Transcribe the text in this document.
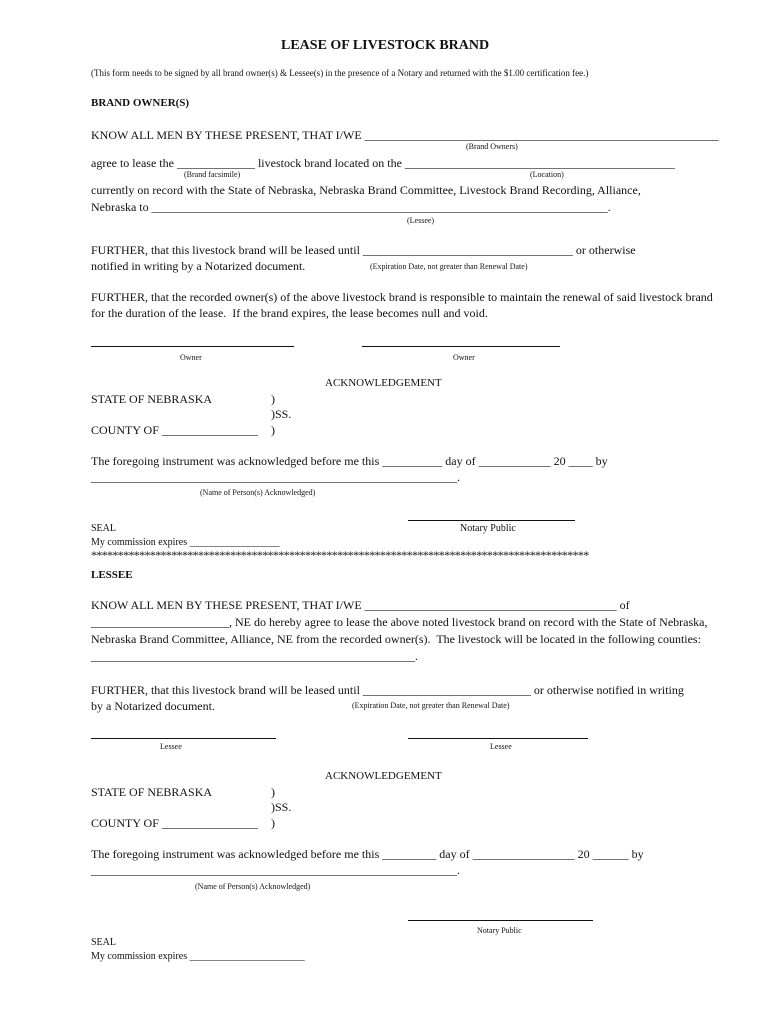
LEASE OF LIVESTOCK BRAND
(This form needs to be signed by all brand owner(s) & Lessee(s) in the presence of a Notary and returned with the $1.00 certification fee.)
BRAND OWNER(S)
KNOW ALL MEN BY THESE PRESENT, THAT I/WE ___________________________________________________________
(Brand Owners)
agree to lease the _____________ livestock brand located on the _____________________________________________
(Brand facsimile)	(Location)
currently on record with the State of Nebraska, Nebraska Brand Committee, Livestock Brand Recording, Alliance,
Nebraska to ____________________________________________________________________________.
(Lessee)
FURTHER, that this livestock brand will be leased until ___________________________________ or otherwise
notified in writing by a Notarized document.	(Expiration Date, not greater than Renewal Date)
FURTHER, that the recorded owner(s) of the above livestock brand is responsible to maintain the renewal of said livestock brand
for the duration of the lease.  If the brand expires, the lease becomes null and void.
Owner	Owner
ACKNOWLEDGEMENT
STATE OF NEBRASKA	)
)SS.
COUNTY OF ________________ )
The foregoing instrument was acknowledged before me this __________ day of ____________ 20 ____ by
_____________________________________________________________.
(Name of Person(s) Acknowledged)
SEAL	Notary Public
My commission expires __________________
*********************************************************************************************
LESSEE
KNOW ALL MEN BY THESE PRESENT, THAT I/WE __________________________________________ of
_______________________, NE do hereby agree to lease the above noted livestock brand on record with the State of Nebraska,
Nebraska Brand Committee, Alliance, NE from the recorded owner(s).  The livestock will be located in the following counties:
______________________________________________________.
FURTHER, that this livestock brand will be leased until ____________________________ or otherwise notified in writing
by a Notarized document.	(Expiration Date, not greater than Renewal Date)
Lessee	Lessee
ACKNOWLEDGEMENT
STATE OF NEBRASKA	)
)SS.
COUNTY OF ________________ )
The foregoing instrument was acknowledged before me this _________ day of _________________ 20 ______ by
_____________________________________________________________.
(Name of Person(s) Acknowledged)
Notary Public
SEAL
My commission expires _______________________
